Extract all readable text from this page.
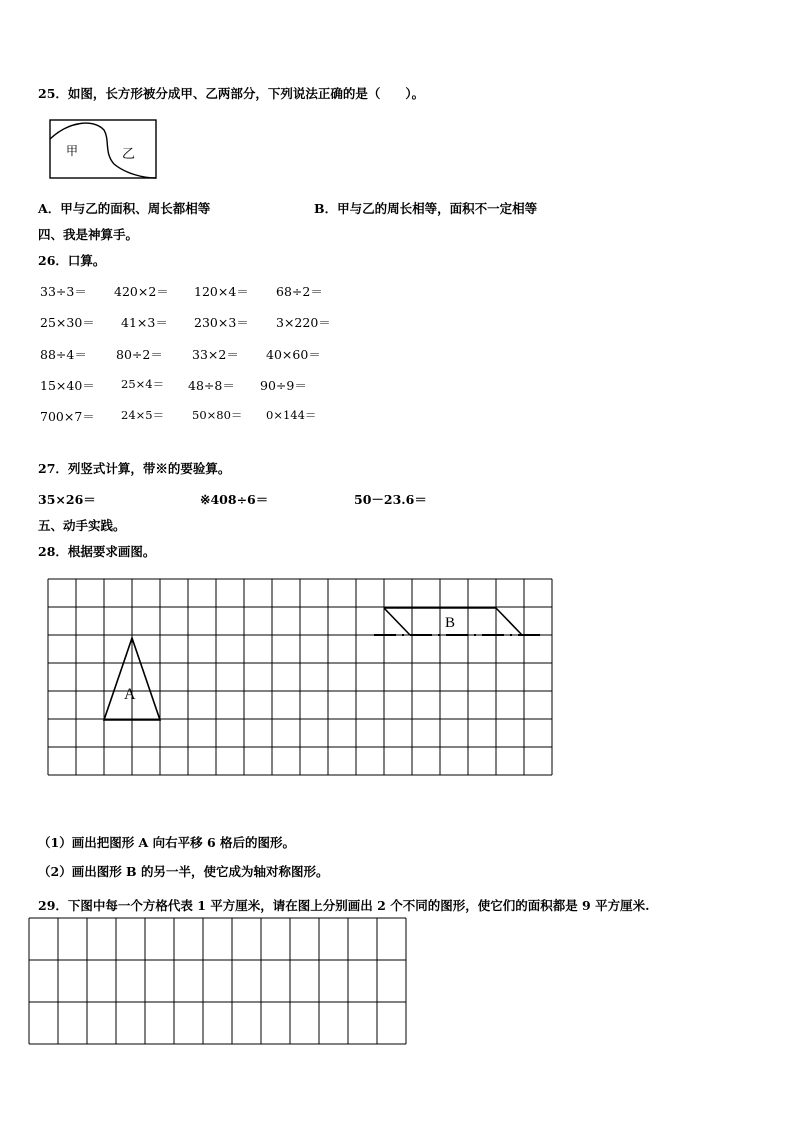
25．如图，长方形被分成甲、乙两部分，下列说法正确的是（　　）。
甲	乙
A．甲与乙的面积、周长都相等	B．甲与乙的周长相等，面积不一定相等
四、我是神算手。
26．口算。
33÷3＝ 420×2＝ 120×4＝ 68÷2＝
25×30＝ 41×3＝ 230×3＝ 3×220＝
88÷4＝ 80÷2＝ 33×2＝ 40×60＝
15×40＝ 25×4＝ 48÷8＝ 90÷9＝
700×7＝ 24×5＝ 50×80＝ 0×144＝
27．列竖式计算，带※的要验算。
35×26＝	※408÷6＝	50－23.6＝
五、动手实践。
28．根据要求画图。
A
B
（1）画出把图形 A 向右平移 6 格后的图形。
（2）画出图形 B 的另一半，使它成为轴对称图形。
29．下图中每一个方格代表 1 平方厘米，请在图上分别画出 2 个不同的图形，使它们的面积都是 9 平方厘米.
